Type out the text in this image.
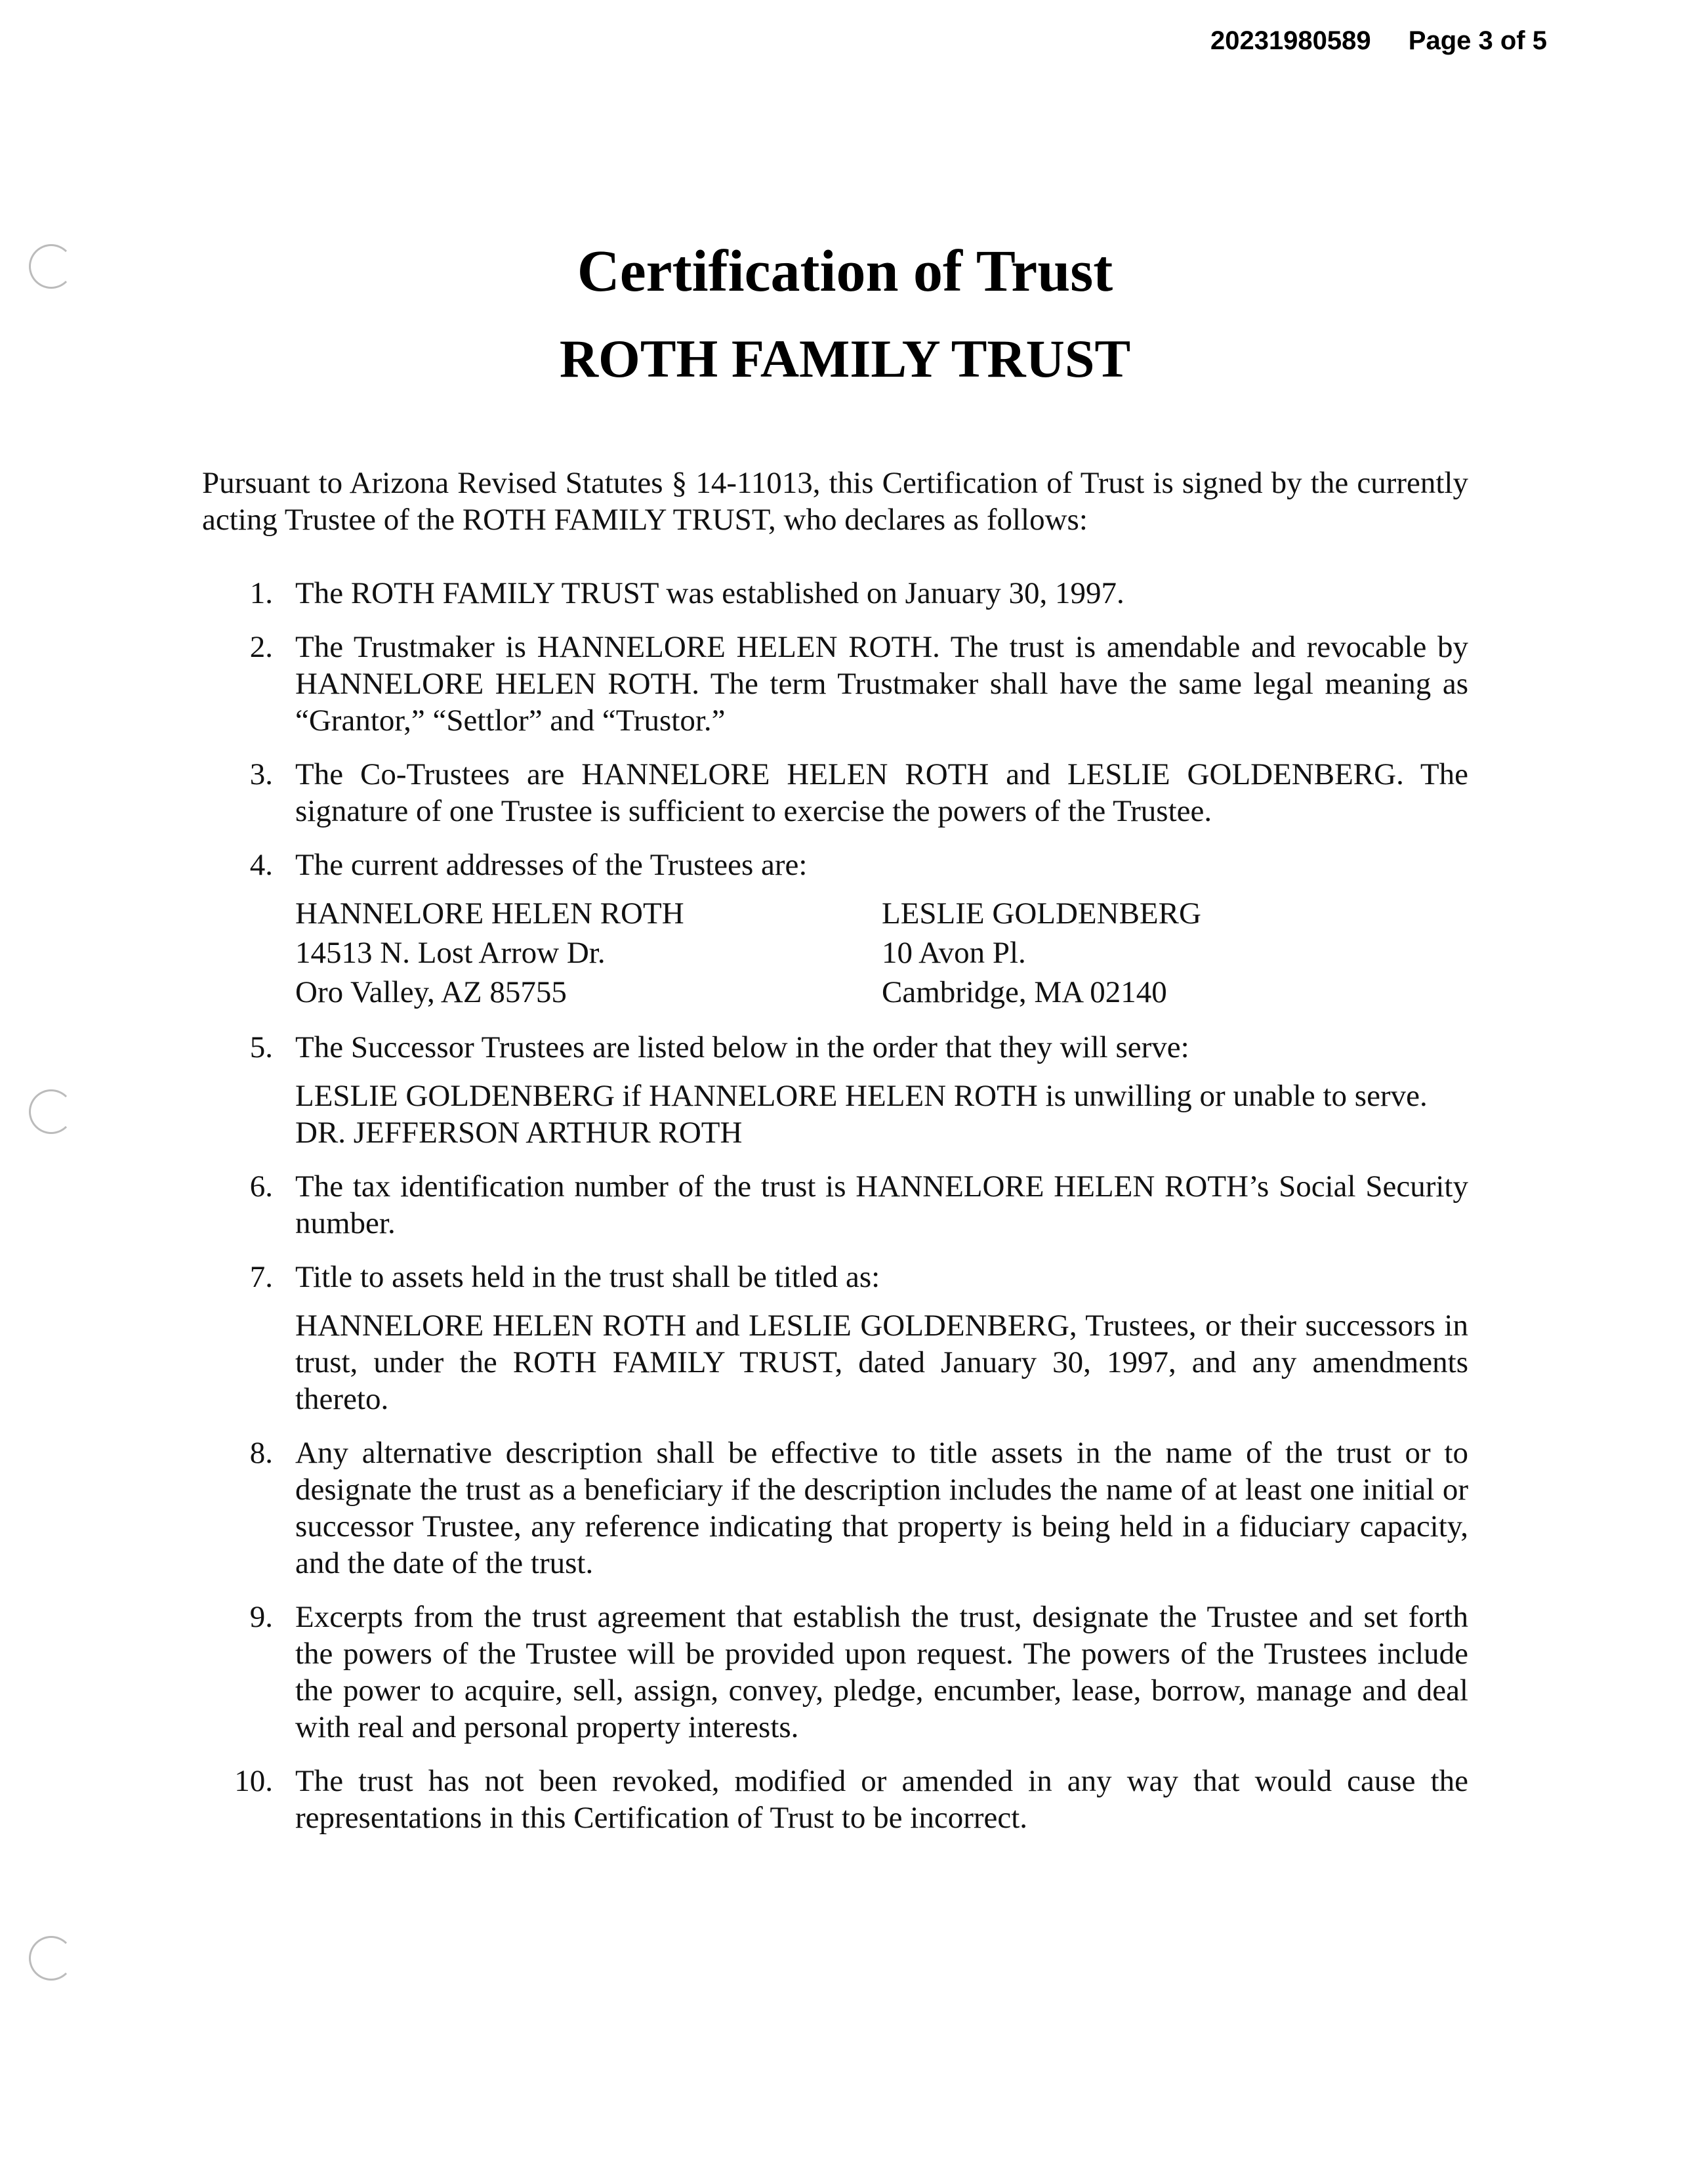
20231980589 Page 3 of 5
Certification of Trust
ROTH FAMILY TRUST

Pursuant to Arizona Revised Statutes § 14-11013, this Certification of Trust is signed by the currently acting Trustee of the ROTH FAMILY TRUST, who declares as follows:

1. The ROTH FAMILY TRUST was established on January 30, 1997.
2. The Trustmaker is HANNELORE HELEN ROTH. The trust is amendable and revocable by HANNELORE HELEN ROTH. The term Trustmaker shall have the same legal meaning as “Grantor,” “Settlor” and “Trustor.”
3. The Co-Trustees are HANNELORE HELEN ROTH and LESLIE GOLDENBERG. The signature of one Trustee is sufficient to exercise the powers of the Trustee.
4. The current addresses of the Trustees are:
HANNELORE HELEN ROTH
14513 N. Lost Arrow Dr.
Oro Valley, AZ 85755
LESLIE GOLDENBERG
10 Avon Pl.
Cambridge, MA 02140
5. The Successor Trustees are listed below in the order that they will serve:
LESLIE GOLDENBERG if HANNELORE HELEN ROTH is unwilling or unable to serve.
DR. JEFFERSON ARTHUR ROTH
6. The tax identification number of the trust is HANNELORE HELEN ROTH’s Social Security number.
7. Title to assets held in the trust shall be titled as:
HANNELORE HELEN ROTH and LESLIE GOLDENBERG, Trustees, or their successors in trust, under the ROTH FAMILY TRUST, dated January 30, 1997, and any amendments thereto.
8. Any alternative description shall be effective to title assets in the name of the trust or to designate the trust as a beneficiary if the description includes the name of at least one initial or successor Trustee, any reference indicating that property is being held in a fiduciary capacity, and the date of the trust.
9. Excerpts from the trust agreement that establish the trust, designate the Trustee and set forth the powers of the Trustee will be provided upon request. The powers of the Trustees include the power to acquire, sell, assign, convey, pledge, encumber, lease, borrow, manage and deal with real and personal property interests.
10. The trust has not been revoked, modified or amended in any way that would cause the representations in this Certification of Trust to be incorrect.
